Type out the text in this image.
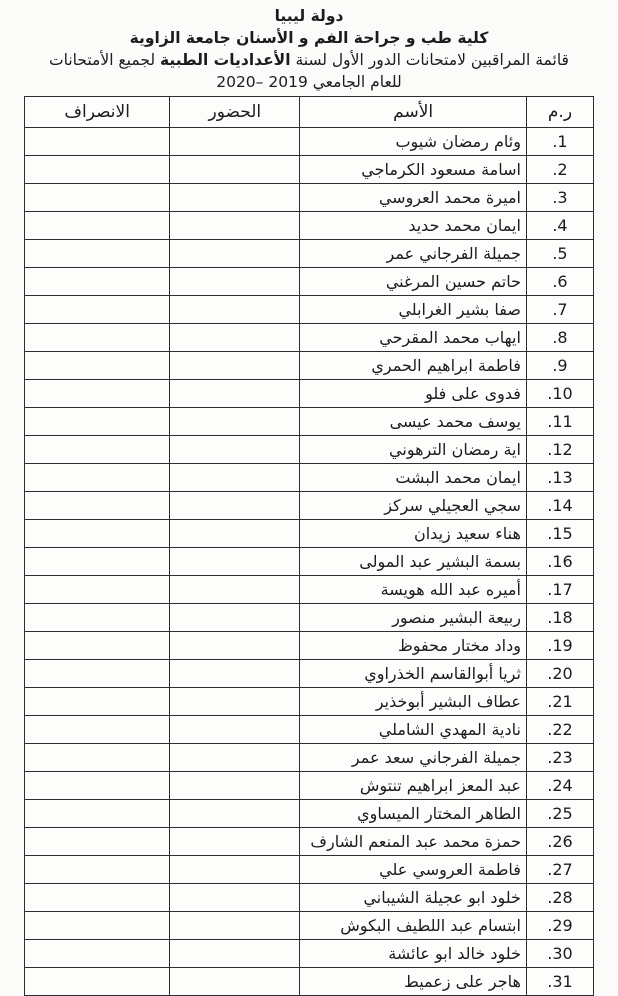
دولة ليبيا
كلية طب و جراحة الفم و الأسنان جامعة الزاوية
قائمة المراقبين لامتحانات الدور الأول لسنة الأعداديات الطبية لجميع الأمتحانات
للعام الجامعي 2019 –2020
ر.م	الأسم	الحضور	الانصراف
1.	وئام رمضان شيوب		
2.	اسامة مسعود الكرماجي		
3.	اميرة محمد العروسي		
4.	ايمان محمد حديد		
5.	جميلة الفرجاني عمر		
6.	حاتم حسين المرغني		
7.	صفا بشير الغرابلي		
8.	ايهاب محمد المقرحي		
9.	فاطمة ابراهيم الحمري		
10.	فدوى على فلو		
11.	يوسف محمد عيسى		
12.	اية رمضان الترهوني		
13.	ايمان محمد البشت		
14.	سجي العجيلي سركز		
15.	هناء سعيد زيدان		
16.	بسمة البشير عبد المولى		
17.	أميره عبد الله هويسة		
18.	ربيعة البشير منصور		
19.	وداد مختار محفوظ		
20.	ثريا أبوالقاسم الخذراوي		
21.	عطاف البشير أبوخذير		
22.	نادية المهدي الشاملي		
23.	جميلة الفرجاني سعد عمر		
24.	عبد المعز ابراهيم تنتوش		
25.	الطاهر المختار الميساوي		
26.	حمزة محمد عبد المنعم الشارف		
27.	فاطمة العروسي علي		
28.	خلود ابو عجيلة الشيباني		
29.	ابتسام عبد اللطيف البكوش		
30.	خلود خالد ابو عائشة		
31.	هاجر على زعميط		
